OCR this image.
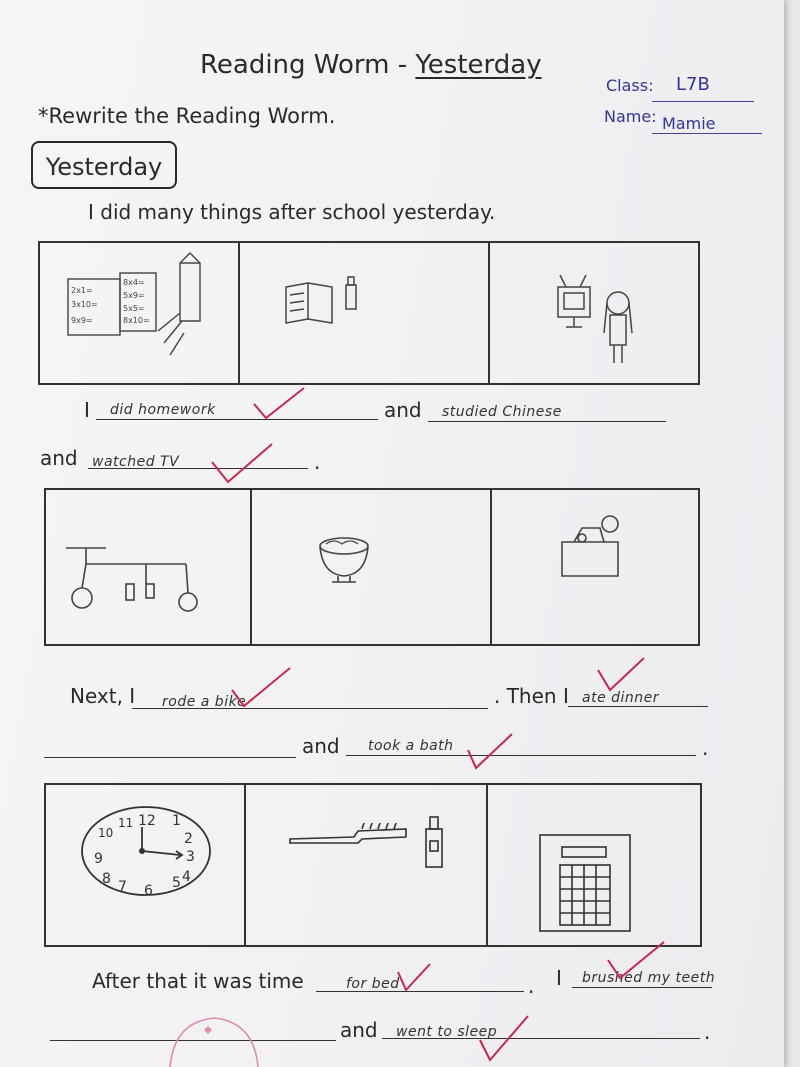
Reading Worm - Yesterday
Class: L7B
Name: Mamie
*Rewrite the Reading Worm.
Yesterday
I did many things after school yesterday.
2x1=
3x10=
9x9=
8x4=
5x9=
5x5=
8x10=
I did homework	and studied Chinese
and watched TV	.
Next, I rode a bike	. Then I ate dinner
and took a bath	.
12 1
2
3
4
5
6
7
8
9
10
11
After that it was time	for bed	. I brushed my teeth
and went to sleep	.
